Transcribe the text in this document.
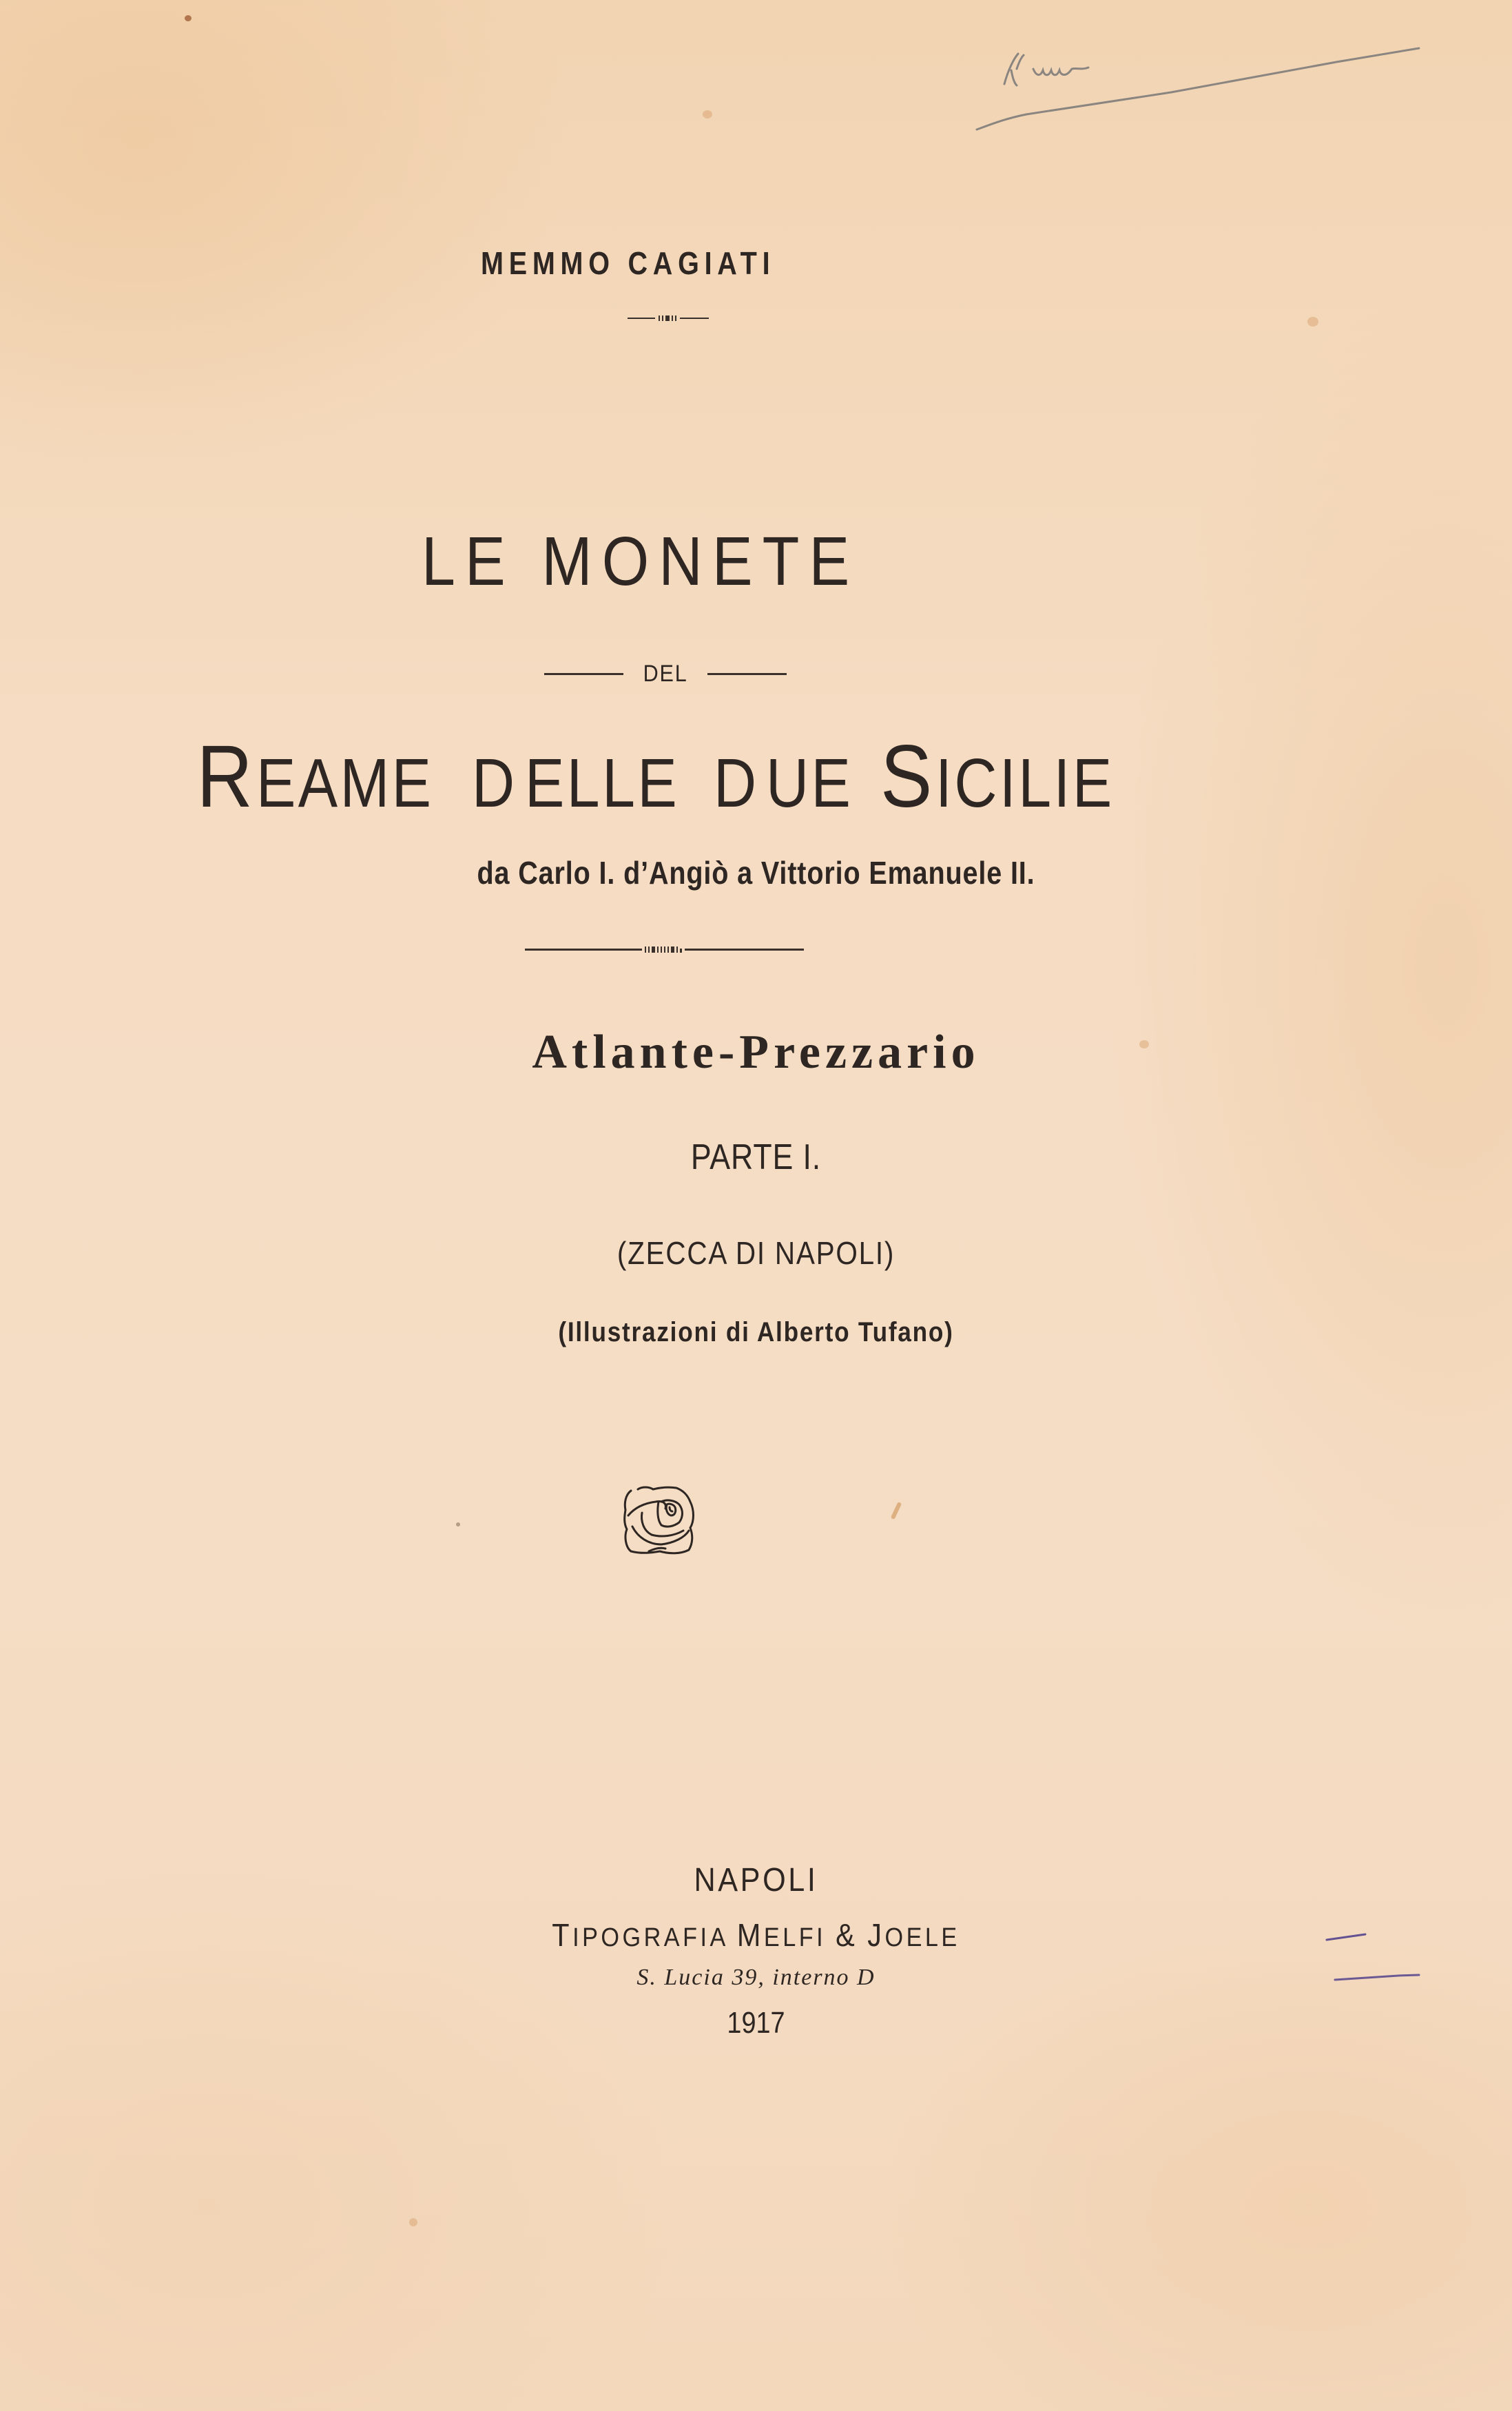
MEMMO CAGIATI
LE MONETE
DEL
R EAME D ELLE D UE S ICILIE
da Carlo I. d’Angiò a Vittorio Emanuele II.
Atlante-Prezzario
PARTE I.
(ZECCA DI NAPOLI)
(Illustrazioni di Alberto Tufano)
NAPOLI
TIPOGRAFIA MELFI & JOELE
S. Lucia 39, interno D
1917
